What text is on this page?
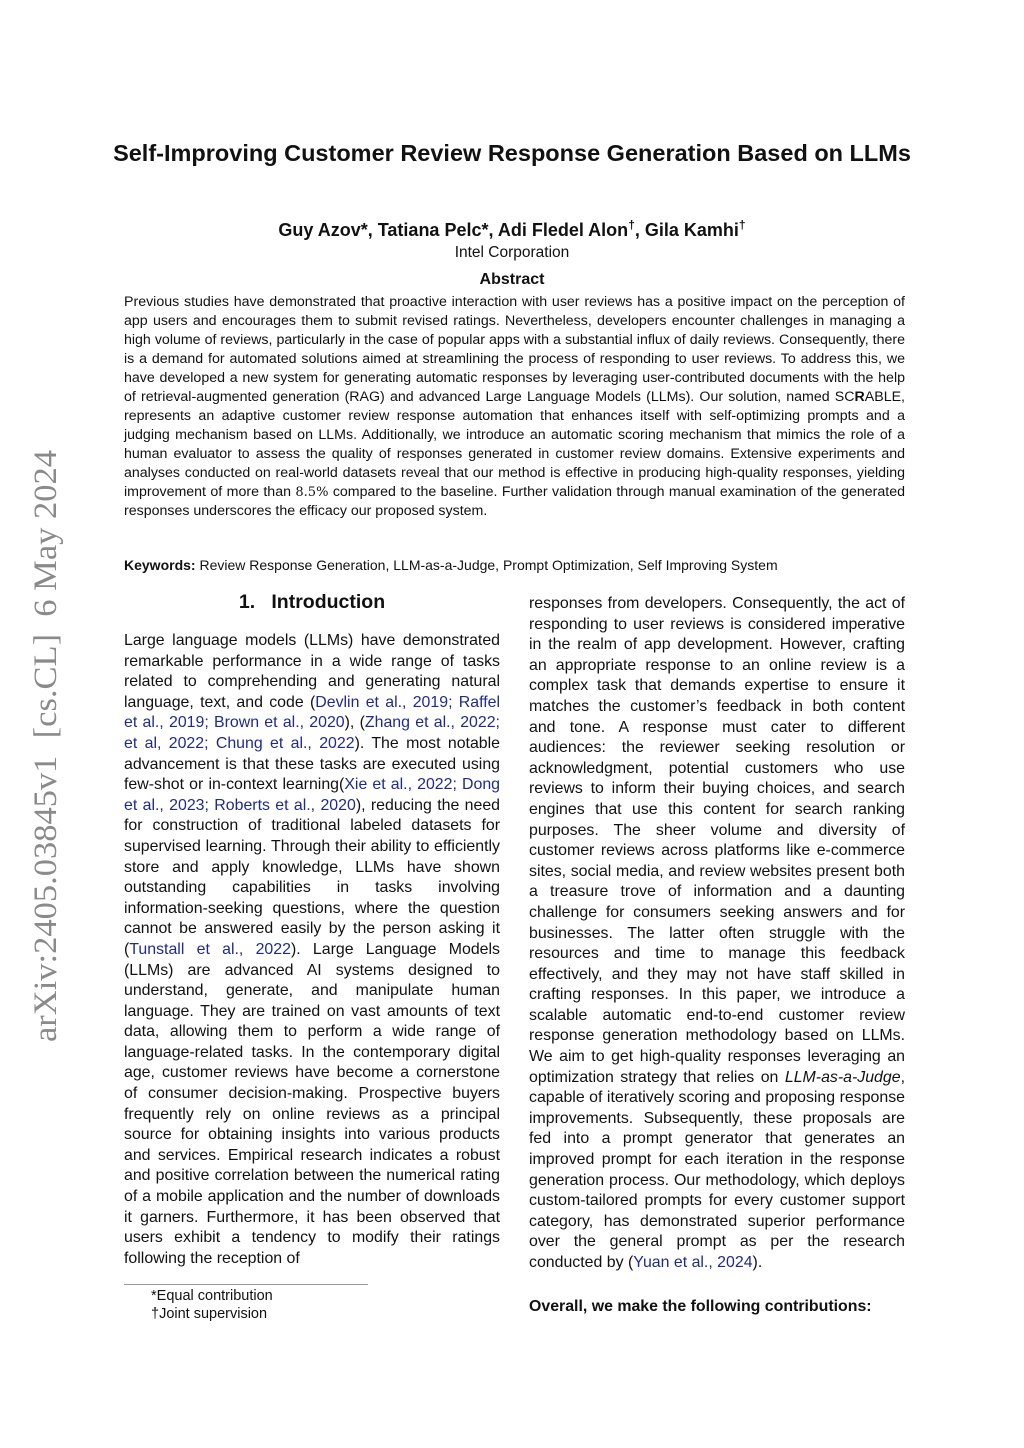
arXiv:2405.03845v1  [cs.CL]  6 May 2024
Self-Improving Customer Review Response Generation Based on LLMs
Guy Azov*, Tatiana Pelc*, Adi Fledel Alon†, Gila Kamhi†
Intel Corporation
Abstract

Previous studies have demonstrated that proactive interaction with user reviews has a positive impact on the perception of app users and encourages them to submit revised ratings. Nevertheless, developers encounter challenges in managing a high volume of reviews, particularly in the case of popular apps with a substantial influx of daily reviews. Consequently, there is a demand for automated solutions aimed at streamlining the process of responding to user reviews. To address this, we have developed a new system for generating automatic responses by leveraging user-contributed documents with the help of retrieval-augmented generation (RAG) and advanced Large Language Models (LLMs). Our solution, named SCRABLE, represents an adaptive customer review response automation that enhances itself with self-optimizing prompts and a judging mechanism based on LLMs. Additionally, we introduce an automatic scoring mechanism that mimics the role of a human evaluator to assess the quality of responses generated in customer review domains. Extensive experiments and analyses conducted on real-world datasets reveal that our method is effective in producing high-quality responses, yielding improvement of more than 8.5% compared to the baseline. Further validation through manual examination of the generated responses underscores the efficacy our proposed system.

Keywords: Review Response Generation, LLM-as-a-Judge, Prompt Optimization, Self Improving System

1. Introduction

Large language models (LLMs) have demonstrated remarkable performance in a wide range of tasks related to comprehending and generating natural language, text, and code (Devlin et al., 2019; Raffel et al., 2019; Brown et al., 2020), (Zhang et al., 2022; et al, 2022; Chung et al., 2022). The most notable advancement is that these tasks are executed using few-shot or in-context learning(Xie et al., 2022; Dong et al., 2023; Roberts et al., 2020), reducing the need for construction of traditional labeled datasets for supervised learning. Through their ability to efficiently store and apply knowledge, LLMs have shown outstanding capabilities in tasks involving information-seeking questions, where the question cannot be answered easily by the person asking it (Tunstall et al., 2022). Large Language Models (LLMs) are advanced AI systems designed to understand, generate, and manipulate human language. They are trained on vast amounts of text data, allowing them to perform a wide range of language-related tasks. In the contemporary digital age, customer reviews have become a cornerstone of consumer decision-making. Prospective buyers frequently rely on online reviews as a principal source for obtaining insights into various products and services. Empirical research indicates a robust and positive correlation between the numerical rating of a mobile application and the number of downloads it garners. Furthermore, it has been observed that users exhibit a tendency to modify their ratings following the reception of

responses from developers. Consequently, the act of responding to user reviews is considered imperative in the realm of app development. However, crafting an appropriate response to an online review is a complex task that demands expertise to ensure it matches the customer’s feedback in both content and tone. A response must cater to different audiences: the reviewer seeking resolution or acknowledgment, potential customers who use reviews to inform their buying choices, and search engines that use this content for search ranking purposes. The sheer volume and diversity of customer reviews across platforms like e-commerce sites, social media, and review websites present both a treasure trove of information and a daunting challenge for consumers seeking answers and for businesses. The latter often struggle with the resources and time to manage this feedback effectively, and they may not have staff skilled in crafting responses. In this paper, we introduce a scalable automatic end-to-end customer review response generation methodology based on LLMs. We aim to get high-quality responses leveraging an optimization strategy that relies on LLM-as-a-Judge, capable of iteratively scoring and proposing response improvements. Subsequently, these proposals are fed into a prompt generator that generates an improved prompt for each iteration in the response generation process. Our methodology, which deploys custom-tailored prompts for every customer support category, has demonstrated superior performance over the general prompt as per the research conducted by (Yuan et al., 2024).

*Equal contribution
†Joint supervision	Overall, we make the following contributions:
